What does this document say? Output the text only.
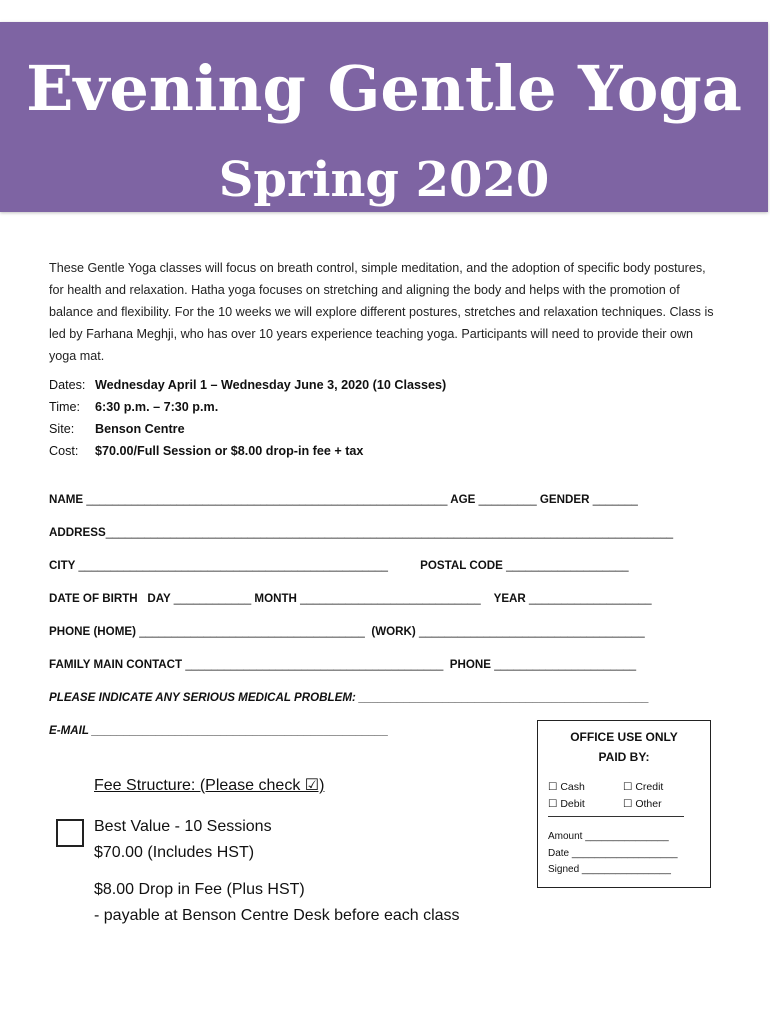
Evening Gentle Yoga
Spring 2020
These Gentle Yoga classes will focus on breath control, simple meditation, and the adoption of specific body postures, for health and relaxation. Hatha yoga focuses on stretching and aligning the body and helps with the promotion of balance and flexibility. For the 10 weeks we will explore different postures, stretches and relaxation techniques. Class is led by Farhana Meghji, who has over 10 years experience teaching yoga. Participants will need to provide their own yoga mat.
Dates: Wednesday April 1 – Wednesday June 3, 2020 (10 Classes)
Time:	6:30 p.m. – 7:30 p.m.
Site:	Benson Centre
Cost:	$70.00/Full Session or $8.00 drop-in fee + tax
NAME ________________________________________________________ AGE _________ GENDER _______
ADDRESS________________________________________________________________________________________
CITY ________________________________________________	POSTAL CODE ___________________
DATE OF BIRTH DAY ____________ MONTH ____________________________ YEAR ___________________
PHONE (HOME) ___________________________________ (WORK) ___________________________________
FAMILY MAIN CONTACT ________________________________________ PHONE ______________________
PLEASE INDICATE ANY SERIOUS MEDICAL PROBLEM: _____________________________________________
E-MAIL ______________________________________________
Fee Structure: (Please check ☑)
Best Value - 10 Sessions
$70.00 (Includes HST)
$8.00 Drop in Fee (Plus HST)
- payable at Benson Centre Desk before each class
OFFICE USE ONLY
PAID BY:
☐ Cash	☐ Credit
☐ Debit	☐ Other
Amount _______________
Date ___________________
Signed ________________
